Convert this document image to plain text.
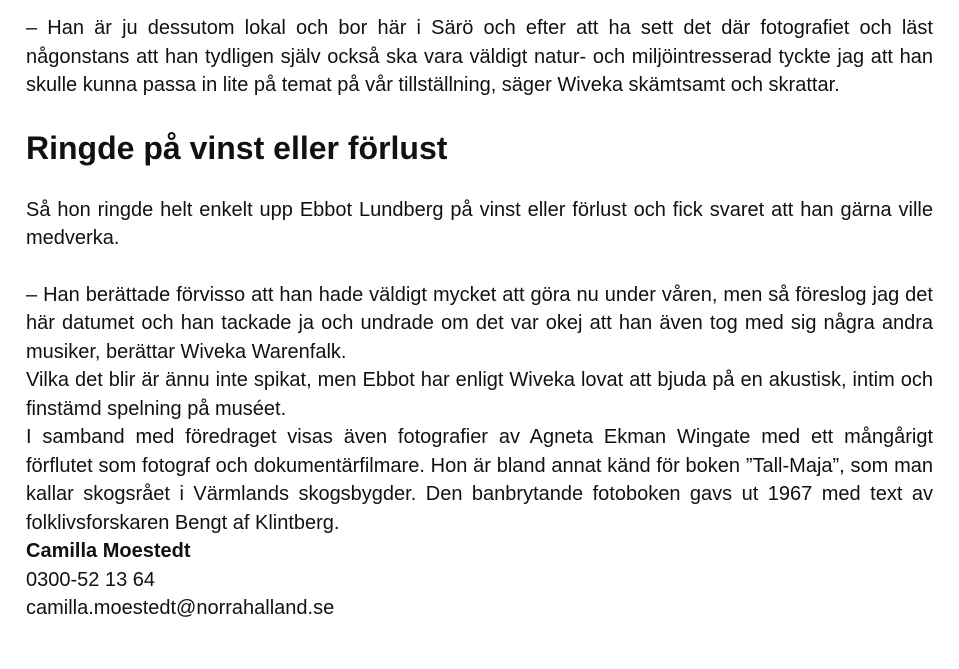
– Han är ju dessutom lokal och bor här i Särö och efter att ha sett det där fotografiet och läst någonstans att han tydligen själv också ska vara väldigt natur- och miljöintresserad tyckte jag att han skulle kunna passa in lite på temat på vår tillställning, säger Wiveka skämtsamt och skrattar.

Ringde på vinst eller förlust

Så hon ringde helt enkelt upp Ebbot Lundberg på vinst eller förlust och fick svaret att han gärna ville medverka.

– Han berättade förvisso att han hade väldigt mycket att göra nu under våren, men så föreslog jag det här datumet och han tackade ja och undrade om det var okej att han även tog med sig några andra musiker, berättar Wiveka Warenfalk.

Vilka det blir är ännu inte spikat, men Ebbot har enligt Wiveka lovat att bjuda på en akustisk, intim och finstämd spelning på muséet.

I samband med föredraget visas även fotografier av Agneta Ekman Wingate med ett mångårigt förflutet som fotograf och dokumentärfilmare. Hon är bland annat känd för boken ”Tall-Maja”, som man kallar skogsrået i Värmlands skogsbygder. Den banbrytande fotoboken gavs ut 1967 med text av folklivsforskaren Bengt af Klintberg.

Camilla Moestedt

0300-52 13 64

camilla.moestedt@norrahalland.se
